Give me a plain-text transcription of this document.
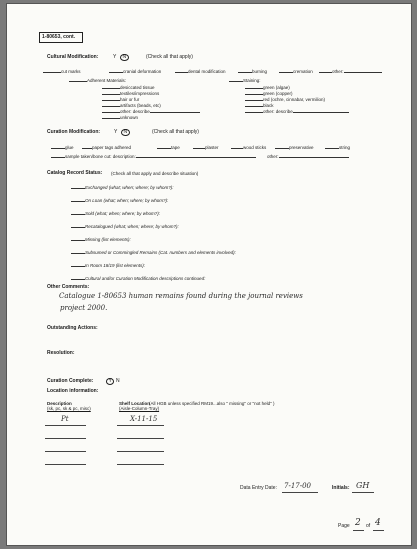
1-80653, cont.
Cultural Modification:	Y	N	(Check all that apply)
cut marks	cranial deformation	dental modification	burning	cremation	other:
Adherent Materials:
desiccated tissue
textiles/impressions
hair or fur
artifacts (beads, etc)
other: describe
unknown
Staining:
green (algae)
green (copper)
red (ochre, cinnabar, vermilion)
black
other: describe
Curation Modification:	Y	N	(Check all that apply)
glue	paper tags adhered	tape	plaster	wood sticks	preservative	string
sample taken/bone cut: description:	other:
Catalog Record Status: (Check all that apply and describe situation)
Exchanged (what; when; where; by whom?):
On Loan (what; when; where; by whom?):
Sold (what; when; where; by whom?):
Recatalogued (what; when; where; by whom?):
Missing (list elements):
Subsumed or Commingled Remains (Cat. numbers and elements involved):
In Room 18/19 (list elements):
Cultural and/or Curation Modification descriptions continued:
Other Comments:
Catalogue 1-80653 human remains found during the journal reviews
project 2000.
Outstanding Actions:
Resolution:
Curation Complete:	Y N
Location information:
Description
(sk, pc, sk & pc, misc)
Shelf Location
(All HGB unless specified RM19...also " missing" or "not held" )
(Aisle-Column-Tray)
Pt	X-11-15
Data Entry Date: 7-17-00	Initials: GH
Page 2 of 4
